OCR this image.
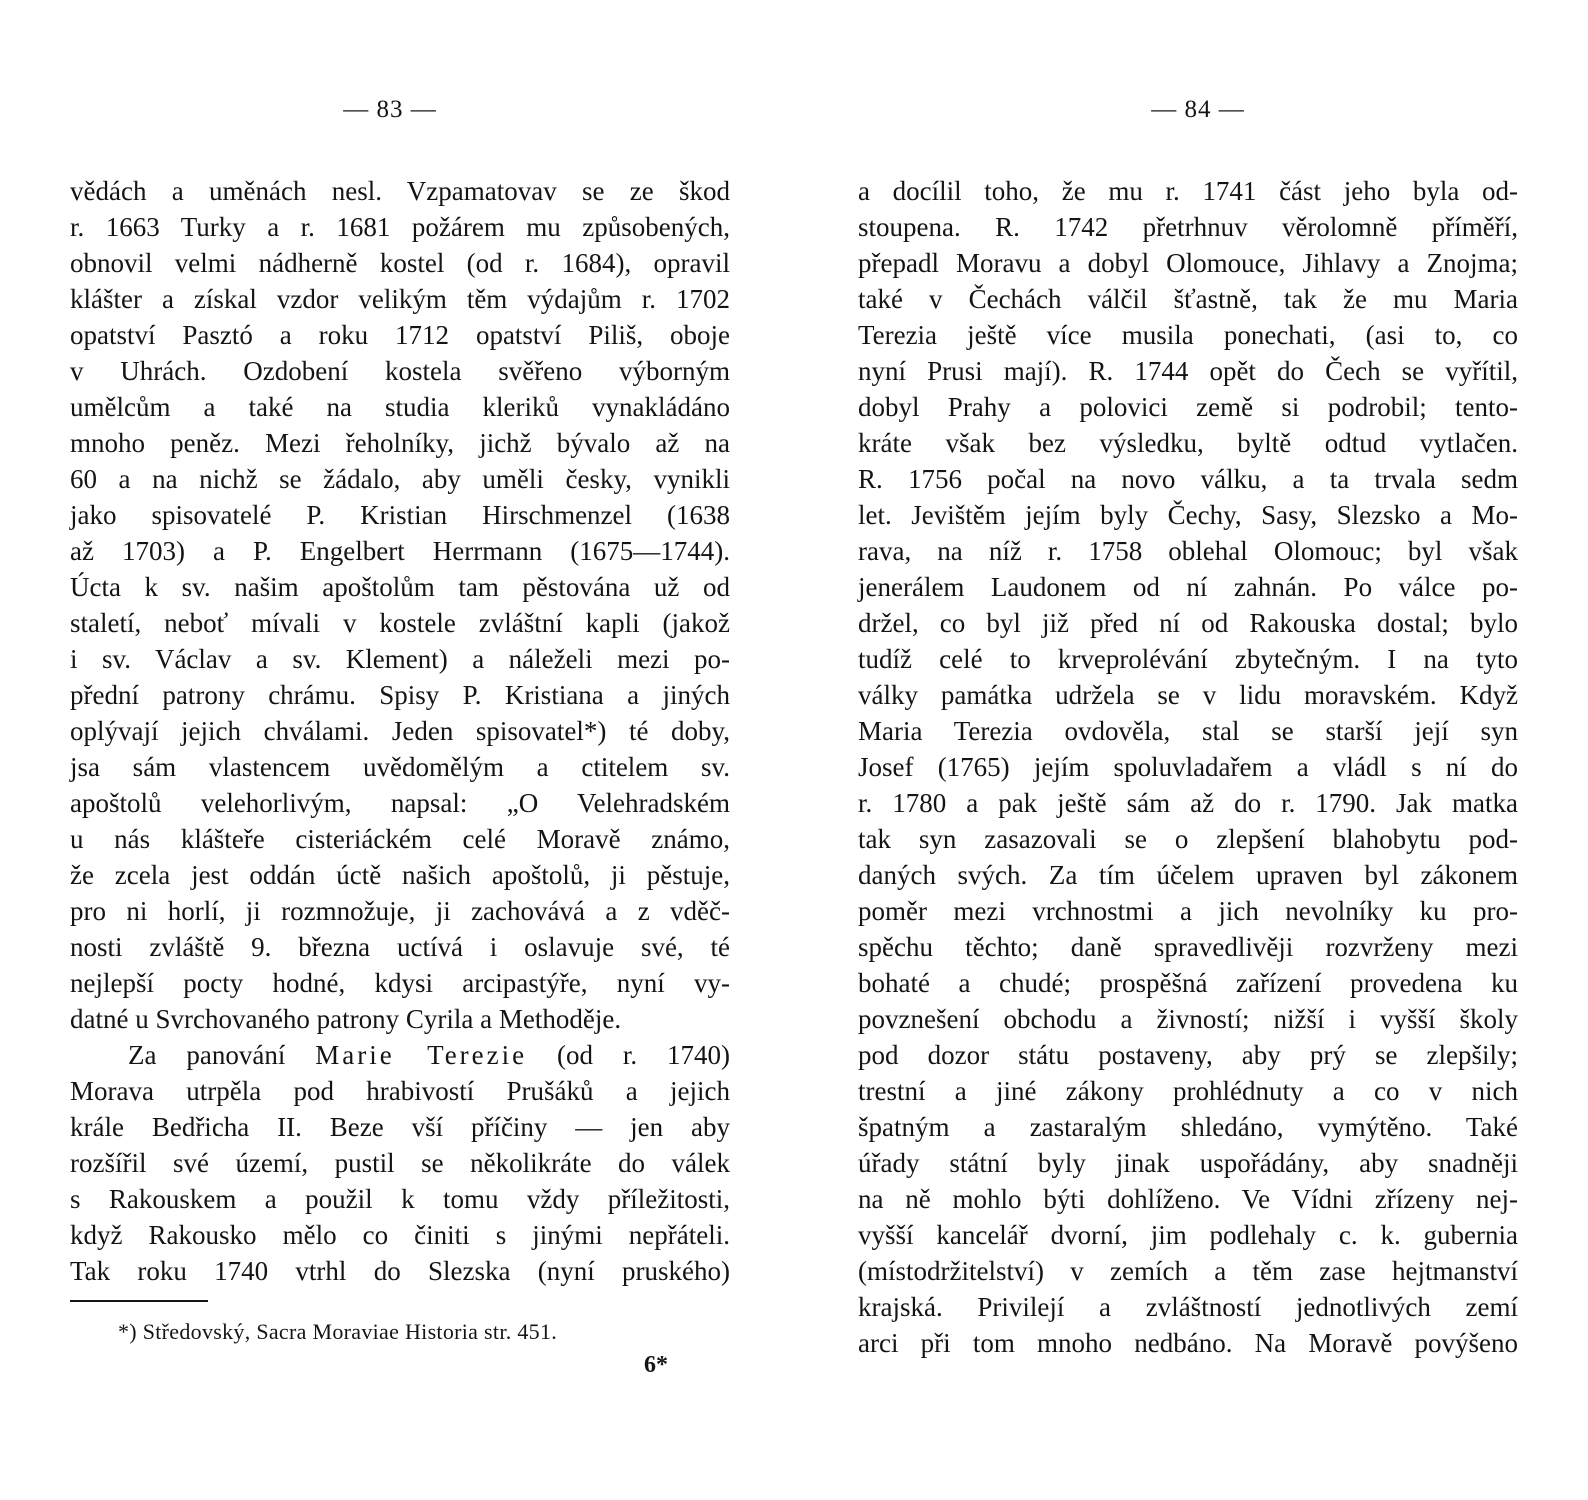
— 83 —
vědách a uměnách nesl. Vzpamatovav se ze škod
r. 1663 Turky a r. 1681 požárem mu způsobených,
obnovil velmi nádherně kostel (od r. 1684), opravil
klášter a získal vzdor velikým těm výdajům r. 1702
opatství Pasztó a roku 1712 opatství Piliš, oboje
v Uhrách. Ozdobení kostela svěřeno výborným
umělcům a také na studia kleriků vynakládáno
mnoho peněz. Mezi řeholníky, jichž bývalo až na
60 a na nichž se žádalo, aby uměli česky, vynikli
jako spisovatelé P. Kristian Hirschmenzel (1638
až 1703) a P. Engelbert Herrmann (1675—1744).
Úcta k sv. našim apoštolům tam pěstována už od
staletí, neboť mívali v kostele zvláštní kapli (jakož
i sv. Václav a sv. Klement) a náleželi mezi po-
přední patrony chrámu. Spisy P. Kristiana a jiných
oplývají jejich chválami. Jeden spisovatel*) té doby,
jsa sám vlastencem uvědomělým a ctitelem sv.
apoštolů velehorlivým, napsal: „O Velehradském
u nás klášteře cisteriáckém celé Moravě známo,
že zcela jest oddán úctě našich apoštolů, ji pěstuje,
pro ni horlí, ji rozmnožuje, ji zachovává a z vděč-
nosti zvláště 9. března uctívá i oslavuje své, té
nejlepší pocty hodné, kdysi arcipastýře, nyní vy-
datné u Svrchovaného patrony Cyrila a Methoděje.
Za panování Marie Terezie (od r. 1740)
Morava utrpěla pod hrabivostí Prušáků a jejich
krále Bedřicha II. Beze vší příčiny — jen aby
rozšířil své území, pustil se několikráte do válek
s Rakouskem a použil k tomu vždy příležitosti,
když Rakousko mělo co činiti s jinými nepřáteli.
Tak roku 1740 vtrhl do Slezska (nyní pruského)
*) Středovský, Sacra Moraviae Historia str. 451.
6*
— 84 —
a docílil toho, že mu r. 1741 část jeho byla od-
stoupena. R. 1742 přetrhnuv věrolomně příměří,
přepadl Moravu a dobyl Olomouce, Jihlavy a Znojma;
také v Čechách válčil šťastně, tak že mu Maria
Terezia ještě více musila ponechati, (asi to, co
nyní Prusi mají). R. 1744 opět do Čech se vyřítil,
dobyl Prahy a polovici země si podrobil; tento-
kráte však bez výsledku, byltě odtud vytlačen.
R. 1756 počal na novo válku, a ta trvala sedm
let. Jevištěm jejím byly Čechy, Sasy, Slezsko a Mo-
rava, na níž r. 1758 oblehal Olomouc; byl však
jenerálem Laudonem od ní zahnán. Po válce po-
držel, co byl již před ní od Rakouska dostal; bylo
tudíž celé to krveprolévání zbytečným. I na tyto
války památka udržela se v lidu moravském. Když
Maria Terezia ovdověla, stal se starší její syn
Josef (1765) jejím spoluvladařem a vládl s ní do
r. 1780 a pak ještě sám až do r. 1790. Jak matka
tak syn zasazovali se o zlepšení blahobytu pod-
daných svých. Za tím účelem upraven byl zákonem
poměr mezi vrchnostmi a jich nevolníky ku pro-
spěchu těchto; daně spravedlivěji rozvrženy mezi
bohaté a chudé; prospěšná zařízení provedena ku
povznešení obchodu a živností; nižší i vyšší školy
pod dozor státu postaveny, aby prý se zlepšily;
trestní a jiné zákony prohlédnuty a co v nich
špatným a zastaralým shledáno, vymýtěno. Také
úřady státní byly jinak uspořádány, aby snadněji
na ně mohlo býti dohlíženo. Ve Vídni zřízeny nej-
vyšší kancelář dvorní, jim podlehaly c. k. gubernia
(místodržitelství) v zemích a těm zase hejtmanství
krajská. Privilejí a zvláštností jednotlivých zemí
arci při tom mnoho nedbáno. Na Moravě povýšeno
